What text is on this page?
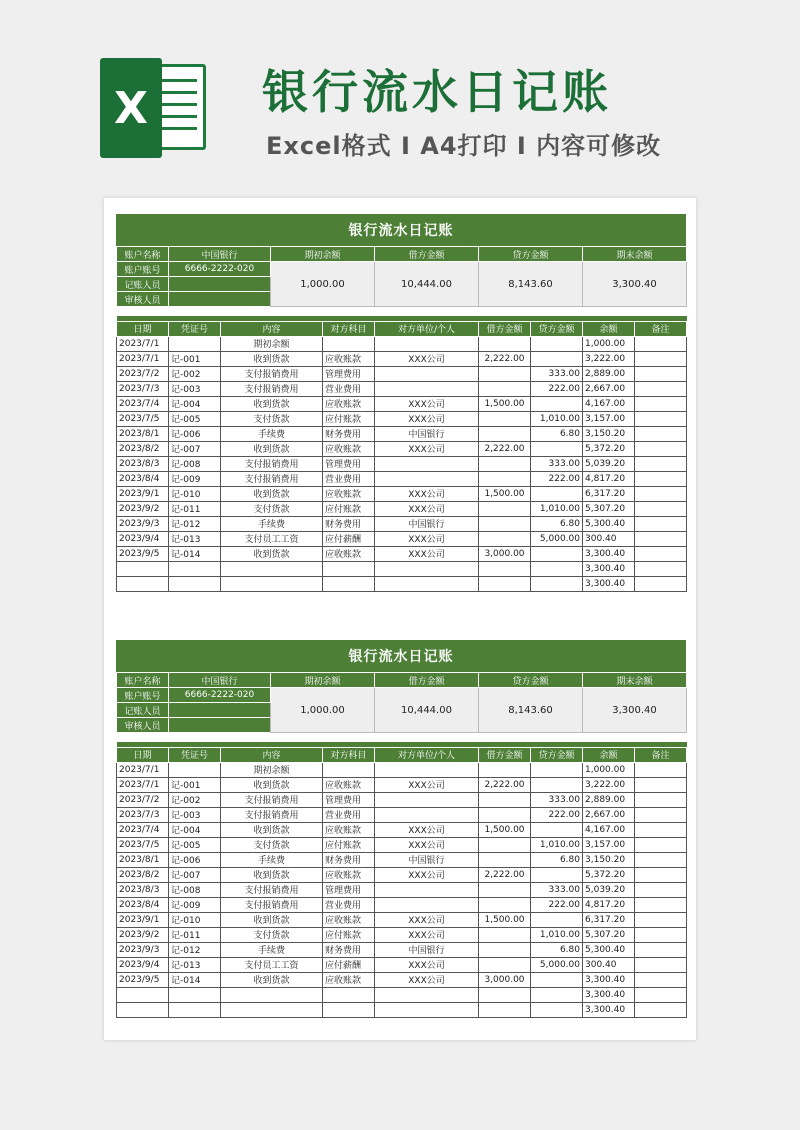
X	银行流水日记账
Excel格式 I A4打印 I 内容可修改
银行流水日记账
账户名称	中国银行	期初余额	借方金额	贷方金额	期末余额
账户账号	6666-2222-020	1,000.00	10,444.00	8,143.60	3,300.40
记账人员					
审核人员					

日期	凭证号	内容	对方科目	对方单位/个人	借方金额	贷方金额	余额	备注
2023/7/1		期初余额					1,000.00	
2023/7/1	记-001	收到货款	应收账款	XXX公司	2,222.00		3,222.00	
2023/7/2	记-002	支付报销费用	管理费用			333.00	2,889.00	
2023/7/3	记-003	支付报销费用	营业费用			222.00	2,667.00	
2023/7/4	记-004	收到货款	应收账款	XXX公司	1,500.00		4,167.00	
2023/7/5	记-005	支付货款	应付账款	XXX公司		1,010.00	3,157.00	
2023/8/1	记-006	手续费	财务费用	中国银行		6.80	3,150.20	
2023/8/2	记-007	收到货款	应收账款	XXX公司	2,222.00		5,372.20	
2023/8/3	记-008	支付报销费用	管理费用			333.00	5,039.20	
2023/8/4	记-009	支付报销费用	营业费用			222.00	4,817.20	
2023/9/1	记-010	收到货款	应收账款	XXX公司	1,500.00		6,317.20	
2023/9/2	记-011	支付货款	应付账款	XXX公司		1,010.00	5,307.20	
2023/9/3	记-012	手续费	财务费用	中国银行		6.80	5,300.40	
2023/9/4	记-013	支付员工工资	应付薪酬	XXX公司		5,000.00	300.40	
2023/9/5	记-014	收到货款	应收账款	XXX公司	3,000.00		3,300.40	
							3,300.40	
							3,300.40	
银行流水日记账
账户名称	中国银行	期初余额	借方金额	贷方金额	期末余额
账户账号	6666-2222-020	1,000.00	10,444.00	8,143.60	3,300.40
记账人员					
审核人员					

日期	凭证号	内容	对方科目	对方单位/个人	借方金额	贷方金额	余额	备注
2023/7/1		期初余额					1,000.00	
2023/7/1	记-001	收到货款	应收账款	XXX公司	2,222.00		3,222.00	
2023/7/2	记-002	支付报销费用	管理费用			333.00	2,889.00	
2023/7/3	记-003	支付报销费用	营业费用			222.00	2,667.00	
2023/7/4	记-004	收到货款	应收账款	XXX公司	1,500.00		4,167.00	
2023/7/5	记-005	支付货款	应付账款	XXX公司		1,010.00	3,157.00	
2023/8/1	记-006	手续费	财务费用	中国银行		6.80	3,150.20	
2023/8/2	记-007	收到货款	应收账款	XXX公司	2,222.00		5,372.20	
2023/8/3	记-008	支付报销费用	管理费用			333.00	5,039.20	
2023/8/4	记-009	支付报销费用	营业费用			222.00	4,817.20	
2023/9/1	记-010	收到货款	应收账款	XXX公司	1,500.00		6,317.20	
2023/9/2	记-011	支付货款	应付账款	XXX公司		1,010.00	5,307.20	
2023/9/3	记-012	手续费	财务费用	中国银行		6.80	5,300.40	
2023/9/4	记-013	支付员工工资	应付薪酬	XXX公司		5,000.00	300.40	
2023/9/5	记-014	收到货款	应收账款	XXX公司	3,000.00		3,300.40	
							3,300.40	
							3,300.40	
